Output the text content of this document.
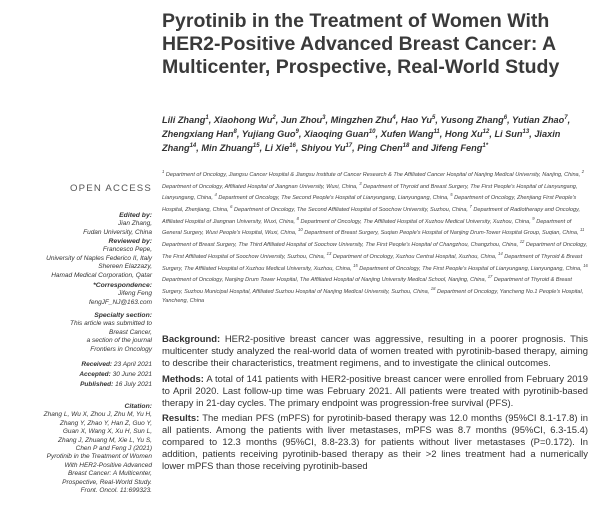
Pyrotinib in the Treatment of Women With HER2-Positive Advanced Breast Cancer: A Multicenter, Prospective, Real-World Study
Lili Zhang$^1$, Xiaohong Wu$^2$, Jun Zhou$^3$, Mingzhen Zhu$^4$, Hao Yu$^5$, Yusong Zhang$^6$, Yutian Zhao$^7$, Zhengxiang Han$^8$, Yujiang Guo$^9$, Xiaoqing Guan$^{10}$, Xufen Wang$^{11}$, Hong Xu$^{12}$, Li Sun$^{13}$, Jiaxin Zhang$^{14}$, Min Zhuang$^{15}$, Li Xie$^{16}$, Shiyou Yu$^{17}$, Ping Chen$^{18}$ and Jifeng Feng$^{1*}$
$^1$ Department of Oncology, Jiangsu Cancer Hospital & Jiangsu Institute of Cancer Research & The Affiliated Cancer Hospital of Nanjing Medical University, Nanjing, China, $^2$ Department of Oncology, Affiliated Hospital of Jiangnan University, Wuxi, China, $^3$ Department of Thyroid and Breast Surgery, The First People's Hospital of Lianyungang, Lianyungang, China, $^4$ Department of Oncology, The Second People's Hospital of Lianyungang, Lianyungang, China, $^5$ Department of Oncology, Zhenjiang First People's Hospital, Zhenjiang, China, $^6$ Department of Oncology, The Second Affiliated Hospital of Soochow University, Suzhou, China, $^7$ Department of Radiotherapy and Oncology, Affiliated Hospital of Jiangnan University, Wuxi, China, $^8$ Department of Oncology, The Affiliated Hospital of Xuzhou Medical University, Xuzhou, China, $^9$ Department of General Surgery, Wuxi People's Hospital, Wuxi, China, $^{10}$ Department of Breast Surgery, Suqian People's Hospital of Nanjing Drum-Tower Hospital Group, Suqian, China, $^{11}$ Department of Breast Surgery, The Third Affiliated Hospital of Soochow University, The First People's Hospital of Changzhou, Changzhou, China, $^{12}$ Department of Oncology, The First Affiliated Hospital of Soochow University, Suzhou, China, $^{13}$ Department of Oncology, Xuzhou Central Hospital, Xuzhou, China, $^{14}$ Department of Thyroid & Breast Surgery, The Affiliated Hospital of Xuzhou Medical University, Xuzhou, China, $^{15}$ Department of Oncology, The First People's Hospital of Lianyungang, Lianyungang, China, $^{16}$ Department of Oncology, Nanjing Drum Tower Hospital, The Affiliated Hospital of Nanjing University Medical School, Nanjing, China, $^{17}$ Department of Thyroid & Breast Surgery, Suzhou Municipal Hospital, Affiliated Suzhou Hospital of Nanjing Medical University, Suzhou, China, $^{18}$ Department of Oncology, Yancheng No.1 People's Hospital, Yancheng, China
OPEN ACCESS
Edited by:
Jian Zhang,
Fudan University, China
Reviewed by:
Francesco Pepe,
University of Naples Federico II, Italy
Shereen Elazzazy,
Hamad Medical Corporation, Qatar
*Correspondence:
Jifeng Feng
fengJF_NJ@163.com
Specialty section:
This article was submitted to
Breast Cancer,
a section of the journal
Frontiers in Oncology
Received: 23 April 2021
Accepted: 30 June 2021
Published: 16 July 2021
Citation:
Zhang L, Wu X, Zhou J, Zhu M, Yu H,
Zhang Y, Zhao Y, Han Z, Guo Y,
Guan X, Wang X, Xu H, Sun L,
Zhang J, Zhuang M, Xie L, Yu S,
Chen P and Feng J (2021)
Pyrotinib in the Treatment of Women
With HER2-Positive Advanced
Breast Cancer: A Multicenter,
Prospective, Real-World Study.
Front. Oncol. 11:699323.

Background: HER2-positive breast cancer was aggressive, resulting in a poorer prognosis. This multicenter study analyzed the real-world data of women treated with pyrotinib-based therapy, aiming to describe their characteristics, treatment regimens, and to investigate the clinical outcomes.

Methods: A total of 141 patients with HER2-positive breast cancer were enrolled from February 2019 to April 2020. Last follow-up time was February 2021. All patients were treated with pyrotinib-based therapy in 21-day cycles. The primary endpoint was progression-free survival (PFS).

Results: The median PFS (mPFS) for pyrotinib-based therapy was 12.0 months (95%CI 8.1-17.8) in all patients. Among the patients with liver metastases, mPFS was 8.7 months (95%CI, 6.3-15.4) compared to 12.3 months (95%CI, 8.8-23.3) for patients without liver metastases (P=0.172). In addition, patients receiving pyrotinib-based therapy as their >2 lines treatment had a numerically lower mPFS than those receiving pyrotinib-based
